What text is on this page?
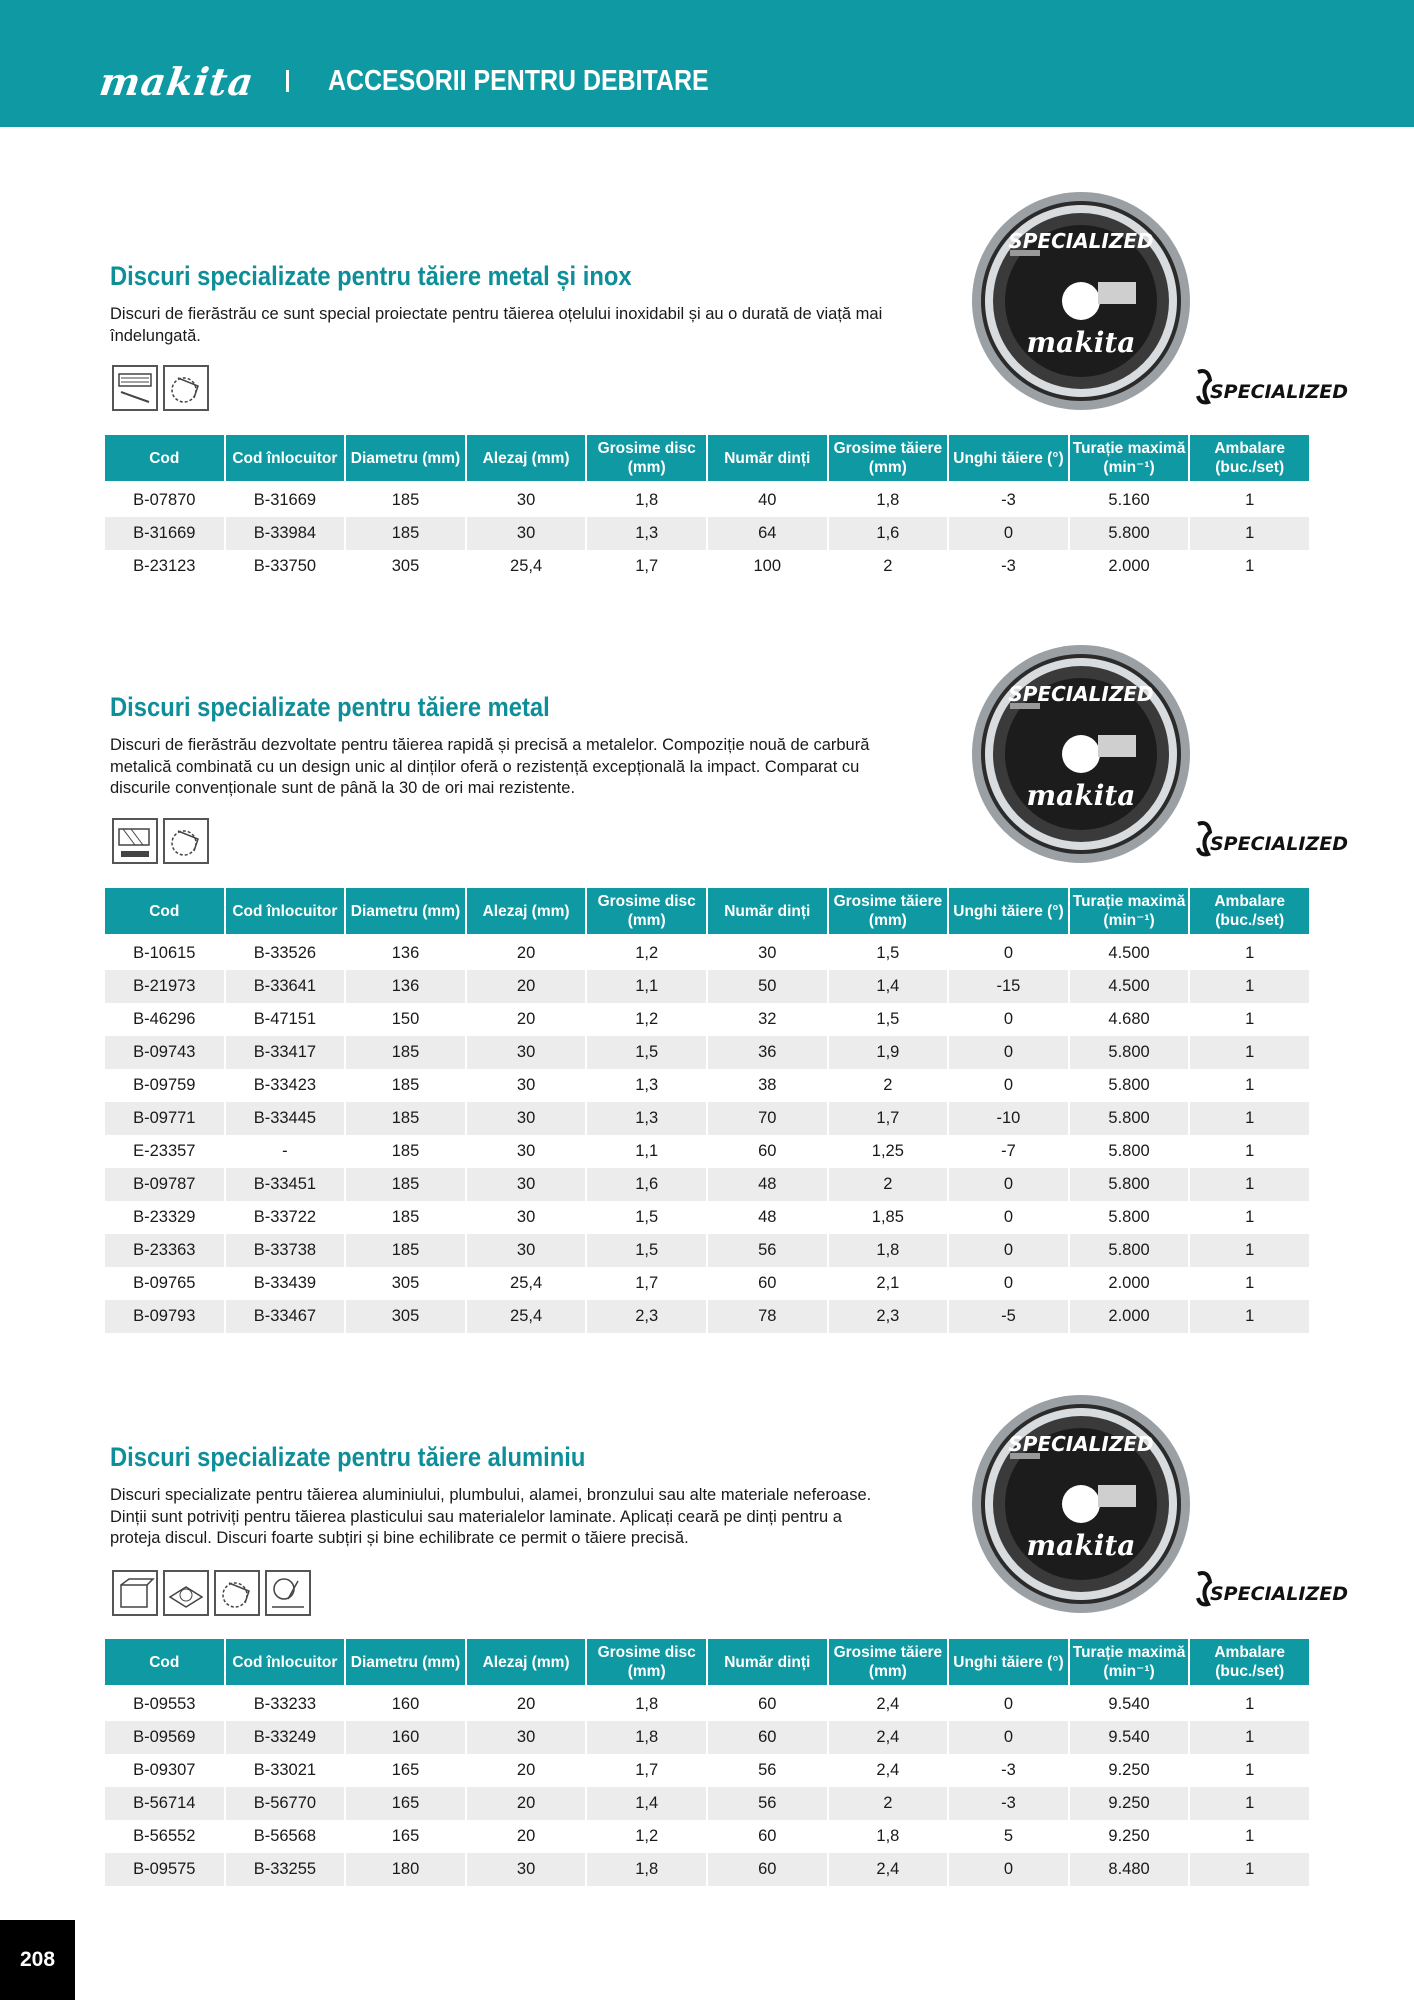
makita ACCESORII PENTRU DEBITARE
Discuri specializate pentru tăiere metal și inox
Discuri de fierăstrău ce sunt special proiectate pentru tăierea oțelului inoxidabil și au o durată de viață mai îndelungată.
SPECIALIZED
makita
SPECIALIZED
Cod	Cod înlocuitor	Diametru (mm)	Alezaj (mm)	Grosime disc (mm)	Număr dinți	Grosime tăiere (mm)	Unghi tăiere (°)	Turație maximă (min⁻¹)	Ambalare (buc./set)
B-07870	B-31669	185	30	1,8	40	1,8	-3	5.160	1
B-31669	B-33984	185	30	1,3	64	1,6	0	5.800	1
B-23123	B-33750	305	25,4	1,7	100	2	-3	2.000	1
Discuri specializate pentru tăiere metal
Discuri de fierăstrău dezvoltate pentru tăierea rapidă și precisă a metalelor. Compoziție nouă de carbură metalică combinată cu un design unic al dinților oferă o rezistență excepțională la impact. Comparat cu discurile convenționale sunt de până la 30 de ori mai rezistente.
SPECIALIZED
makita
SPECIALIZED
Cod	Cod înlocuitor	Diametru (mm)	Alezaj (mm)	Grosime disc (mm)	Număr dinți	Grosime tăiere (mm)	Unghi tăiere (°)	Turație maximă (min⁻¹)	Ambalare (buc./set)
B-10615	B-33526	136	20	1,2	30	1,5	0	4.500	1
B-21973	B-33641	136	20	1,1	50	1,4	-15	4.500	1
B-46296	B-47151	150	20	1,2	32	1,5	0	4.680	1
B-09743	B-33417	185	30	1,5	36	1,9	0	5.800	1
B-09759	B-33423	185	30	1,3	38	2	0	5.800	1
B-09771	B-33445	185	30	1,3	70	1,7	-10	5.800	1
E-23357	-	185	30	1,1	60	1,25	-7	5.800	1
B-09787	B-33451	185	30	1,6	48	2	0	5.800	1
B-23329	B-33722	185	30	1,5	48	1,85	0	5.800	1
B-23363	B-33738	185	30	1,5	56	1,8	0	5.800	1
B-09765	B-33439	305	25,4	1,7	60	2,1	0	2.000	1
B-09793	B-33467	305	25,4	2,3	78	2,3	-5	2.000	1
Discuri specializate pentru tăiere aluminiu
Discuri specializate pentru tăierea aluminiului, plumbului, alamei, bronzului sau alte materiale neferoase. Dinții sunt potriviți pentru tăierea plasticului sau materialelor laminate. Aplicați ceară pe dinți pentru a proteja discul. Discuri foarte subțiri și bine echilibrate ce permit o tăiere precisă.
SPECIALIZED
makita
SPECIALIZED
Cod	Cod înlocuitor	Diametru (mm)	Alezaj (mm)	Grosime disc (mm)	Număr dinți	Grosime tăiere (mm)	Unghi tăiere (°)	Turație maximă (min⁻¹)	Ambalare (buc./set)
B-09553	B-33233	160	20	1,8	60	2,4	0	9.540	1
B-09569	B-33249	160	30	1,8	60	2,4	0	9.540	1
B-09307	B-33021	165	20	1,7	56	2,4	-3	9.250	1
B-56714	B-56770	165	20	1,4	56	2	-3	9.250	1
B-56552	B-56568	165	20	1,2	60	1,8	5	9.250	1
B-09575	B-33255	180	30	1,8	60	2,4	0	8.480	1
208
